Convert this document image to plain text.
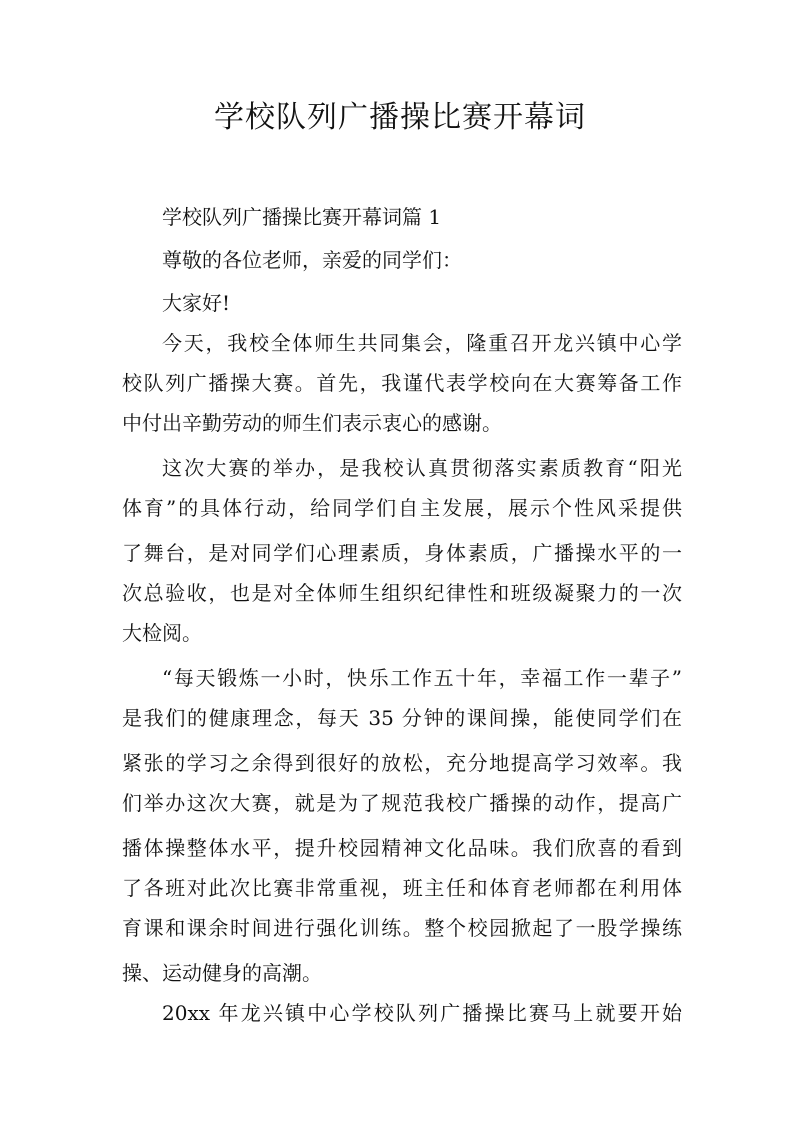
学校队列广播操比赛开幕词

学校队列广播操比赛开幕词篇 1

尊敬的各位老师，亲爱的同学们：

大家好!

今天，我校全体师生共同集会，隆重召开龙兴镇中心学

校队列广播操大赛。首先，我谨代表学校向在大赛筹备工作

中付出辛勤劳动的师生们表示衷心的感谢。

这次大赛的举办，是我校认真贯彻落实素质教育“阳光

体育”的具体行动，给同学们自主发展，展示个性风采提供

了舞台，是对同学们心理素质，身体素质，广播操水平的一

次总验收，也是对全体师生组织纪律性和班级凝聚力的一次

大检阅。

“每天锻炼一小时，快乐工作五十年，幸福工作一辈子”

是我们的健康理念，每天 35 分钟的课间操，能使同学们在

紧张的学习之余得到很好的放松，充分地提高学习效率。我

们举办这次大赛，就是为了规范我校广播操的动作，提高广

播体操整体水平，提升校园精神文化品味。我们欣喜的看到

了各班对此次比赛非常重视，班主任和体育老师都在利用体

育课和课余时间进行强化训练。整个校园掀起了一股学操练

操、运动健身的高潮。

20xx 年龙兴镇中心学校队列广播操比赛马上就要开始
